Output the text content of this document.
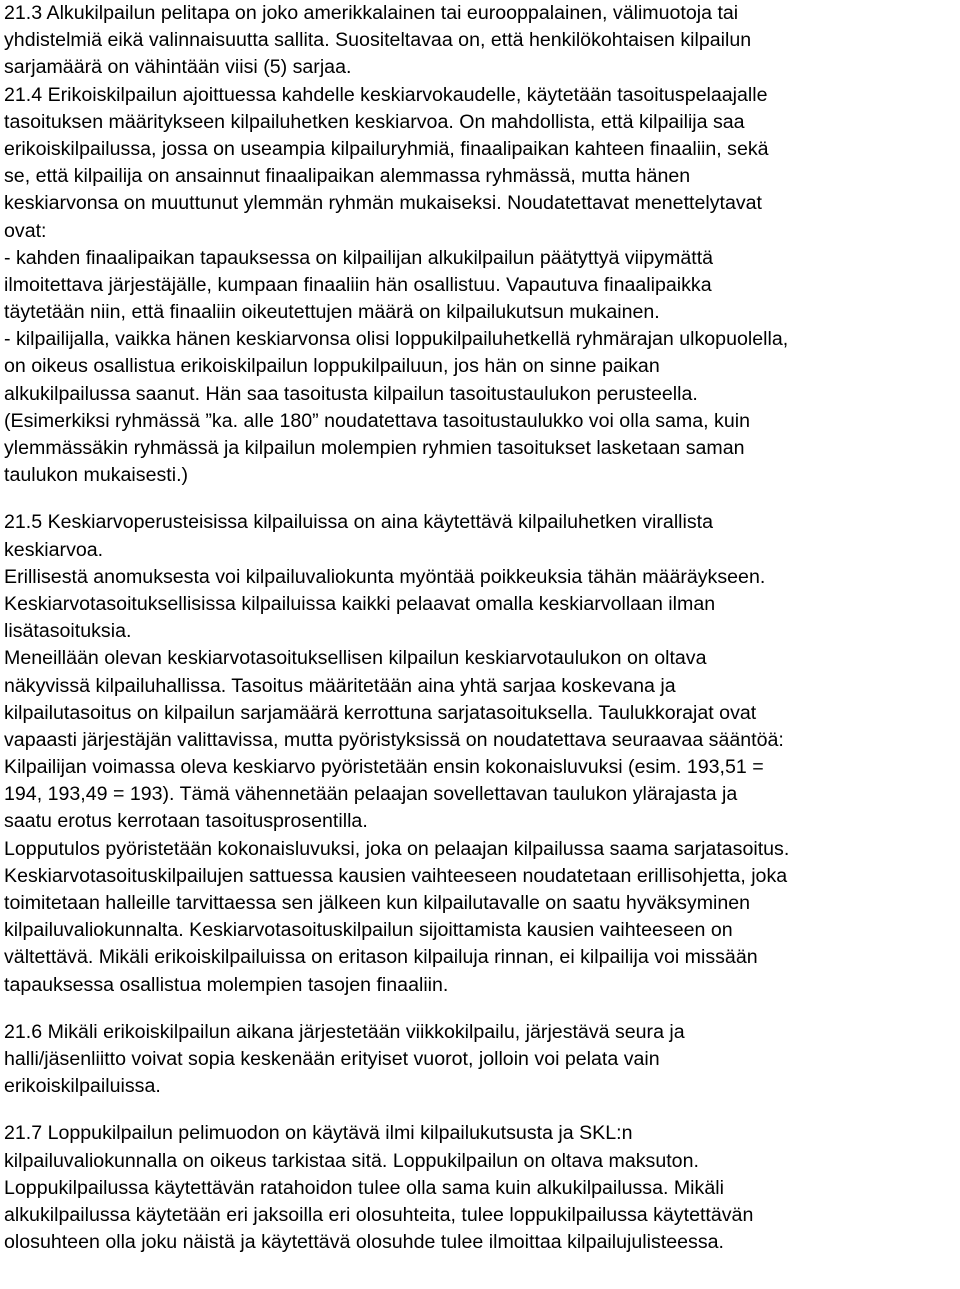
21.3 Alkukilpailun pelitapa on joko amerikkalainen tai eurooppalainen, välimuotoja tai
yhdistelmiä eikä valinnaisuutta sallita. Suositeltavaa on, että henkilökohtaisen kilpailun
sarjamäärä on vähintään viisi (5) sarjaa.
21.4 Erikoiskilpailun ajoittuessa kahdelle keskiarvokaudelle, käytetään tasoituspelaajalle
tasoituksen määritykseen kilpailuhetken keskiarvoa. On mahdollista, että kilpailija saa
erikoiskilpailussa, jossa on useampia kilpailuryhmiä, finaalipaikan kahteen finaaliin, sekä
se, että kilpailija on ansainnut finaalipaikan alemmassa ryhmässä, mutta hänen
keskiarvonsa on muuttunut ylemmän ryhmän mukaiseksi. Noudatettavat menettelytavat
ovat:
- kahden finaalipaikan tapauksessa on kilpailijan alkukilpailun päätyttyä viipymättä
ilmoitettava järjestäjälle, kumpaan finaaliin hän osallistuu. Vapautuva finaalipaikka
täytetään niin, että finaaliin oikeutettujen määrä on kilpailukutsun mukainen.
- kilpailijalla, vaikka hänen keskiarvonsa olisi loppukilpailuhetkellä ryhmärajan ulkopuolella,
on oikeus osallistua erikoiskilpailun loppukilpailuun, jos hän on sinne paikan
alkukilpailussa saanut. Hän saa tasoitusta kilpailun tasoitustaulukon perusteella.
(Esimerkiksi ryhmässä ”ka. alle 180” noudatettava tasoitustaulukko voi olla sama, kuin
ylemmässäkin ryhmässä ja kilpailun molempien ryhmien tasoitukset lasketaan saman
taulukon mukaisesti.)
21.5 Keskiarvoperusteisissa kilpailuissa on aina käytettävä kilpailuhetken virallista
keskiarvoa.
Erillisestä anomuksesta voi kilpailuvaliokunta myöntää poikkeuksia tähän määräykseen.
Keskiarvotasoituksellisissa kilpailuissa kaikki pelaavat omalla keskiarvollaan ilman
lisätasoituksia.
Meneillään olevan keskiarvotasoituksellisen kilpailun keskiarvotaulukon on oltava
näkyvissä kilpailuhallissa. Tasoitus määritetään aina yhtä sarjaa koskevana ja
kilpailutasoitus on kilpailun sarjamäärä kerrottuna sarjatasoituksella. Taulukkorajat ovat
vapaasti järjestäjän valittavissa, mutta pyöristyksissä on noudatettava seuraavaa sääntöä:
Kilpailijan voimassa oleva keskiarvo pyöristetään ensin kokonaisluvuksi (esim. 193,51 =
194, 193,49 = 193). Tämä vähennetään pelaajan sovellettavan taulukon ylärajasta ja
saatu erotus kerrotaan tasoitusprosentilla.
Lopputulos pyöristetään kokonaisluvuksi, joka on pelaajan kilpailussa saama sarjatasoitus.
Keskiarvotasoituskilpailujen sattuessa kausien vaihteeseen noudatetaan erillisohjetta, joka
toimitetaan halleille tarvittaessa sen jälkeen kun kilpailutavalle on saatu hyväksyminen
kilpailuvaliokunnalta. Keskiarvotasoituskilpailun sijoittamista kausien vaihteeseen on
vältettävä. Mikäli erikoiskilpailuissa on eritason kilpailuja rinnan, ei kilpailija voi missään
tapauksessa osallistua molempien tasojen finaaliin.
21.6 Mikäli erikoiskilpailun aikana järjestetään viikkokilpailu, järjestävä seura ja
halli/jäsenliitto voivat sopia keskenään erityiset vuorot, jolloin voi pelata vain
erikoiskilpailuissa.
21.7 Loppukilpailun pelimuodon on käytävä ilmi kilpailukutsusta ja SKL:n
kilpailuvaliokunnalla on oikeus tarkistaa sitä. Loppukilpailun on oltava maksuton.
Loppukilpailussa käytettävän ratahoidon tulee olla sama kuin alkukilpailussa. Mikäli
alkukilpailussa käytetään eri jaksoilla eri olosuhteita, tulee loppukilpailussa käytettävän
olosuhteen olla joku näistä ja käytettävä olosuhde tulee ilmoittaa kilpailujulisteessa.
